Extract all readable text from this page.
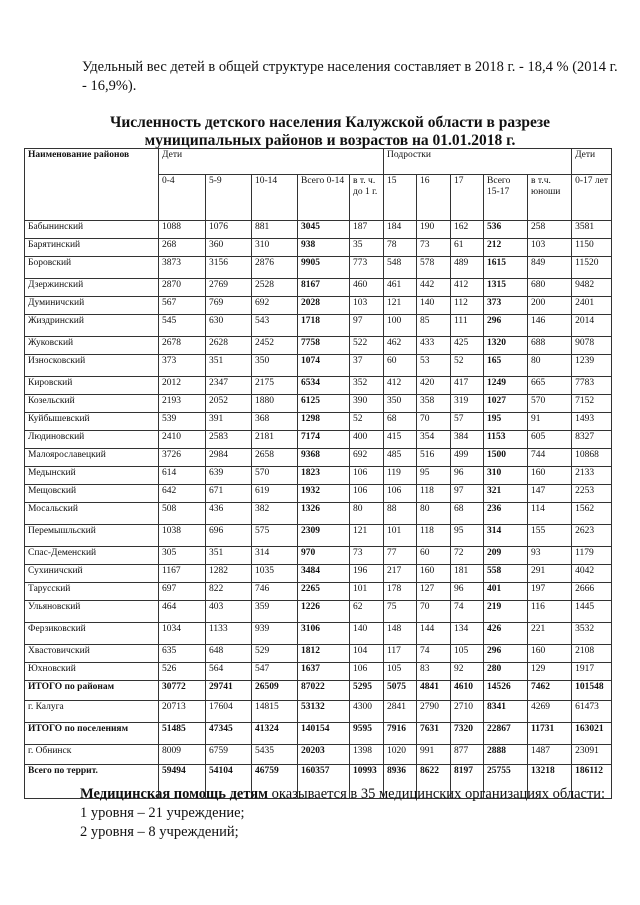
Удельный вес детей в общей структуре населения составляет в 2018 г. - 18,4 % (2014 г. - 16,9%).
Численность детского населения Калужской области в разрезе
муниципальных районов и возрастов на 01.01.2018 г.
Наименование районов	Дети					Подростки					Дети
	0-4	5-9	10-14	Всего 0-14	в т. ч. до 1 г.	15	16	17	Всего 15-17	в т.ч. юноши	0-17 лет
Бабынинский	1088	1076	881	3045	187	184	190	162	536	258	3581
Барятинский	268	360	310	938	35	78	73	61	212	103	1150
Боровский	3873	3156	2876	9905	773	548	578	489	1615	849	11520
Дзержинский	2870	2769	2528	8167	460	461	442	412	1315	680	9482
Думиничский	567	769	692	2028	103	121	140	112	373	200	2401
Жиздринский	545	630	543	1718	97	100	85	111	296	146	2014
Жуковский	2678	2628	2452	7758	522	462	433	425	1320	688	9078
Износковский	373	351	350	1074	37	60	53	52	165	80	1239
Кировский	2012	2347	2175	6534	352	412	420	417	1249	665	7783
Козельский	2193	2052	1880	6125	390	350	358	319	1027	570	7152
Куйбышевский	539	391	368	1298	52	68	70	57	195	91	1493
Людиновский	2410	2583	2181	7174	400	415	354	384	1153	605	8327
Малоярославецкий	3726	2984	2658	9368	692	485	516	499	1500	744	10868
Медынский	614	639	570	1823	106	119	95	96	310	160	2133
Мещовский	642	671	619	1932	106	106	118	97	321	147	2253
Мосальский	508	436	382	1326	80	88	80	68	236	114	1562
Перемышльский	1038	696	575	2309	121	101	118	95	314	155	2623
Спас-Деменский	305	351	314	970	73	77	60	72	209	93	1179
Сухиничский	1167	1282	1035	3484	196	217	160	181	558	291	4042
Тарусский	697	822	746	2265	101	178	127	96	401	197	2666
Ульяновский	464	403	359	1226	62	75	70	74	219	116	1445
Ферзиковский	1034	1133	939	3106	140	148	144	134	426	221	3532
Хвастовичский	635	648	529	1812	104	117	74	105	296	160	2108
Юхновский	526	564	547	1637	106	105	83	92	280	129	1917
ИТОГО по районам	30772	29741	26509	87022	5295	5075	4841	4610	14526	7462	101548
г. Калуга	20713	17604	14815	53132	4300	2841	2790	2710	8341	4269	61473
ИТОГО по поселениям	51485	47345	41324	140154	9595	7916	7631	7320	22867	11731	163021
г. Обнинск	8009	6759	5435	20203	1398	1020	991	877	2888	1487	23091
Всего по террит.	59494	54104	46759	160357	10993	8936	8622	8197	25755	13218	186112
Медицинская помощь детям оказывается в 35 медицинских организациях области:
1 уровня – 21 учреждение;
2 уровня – 8 учреждений;
